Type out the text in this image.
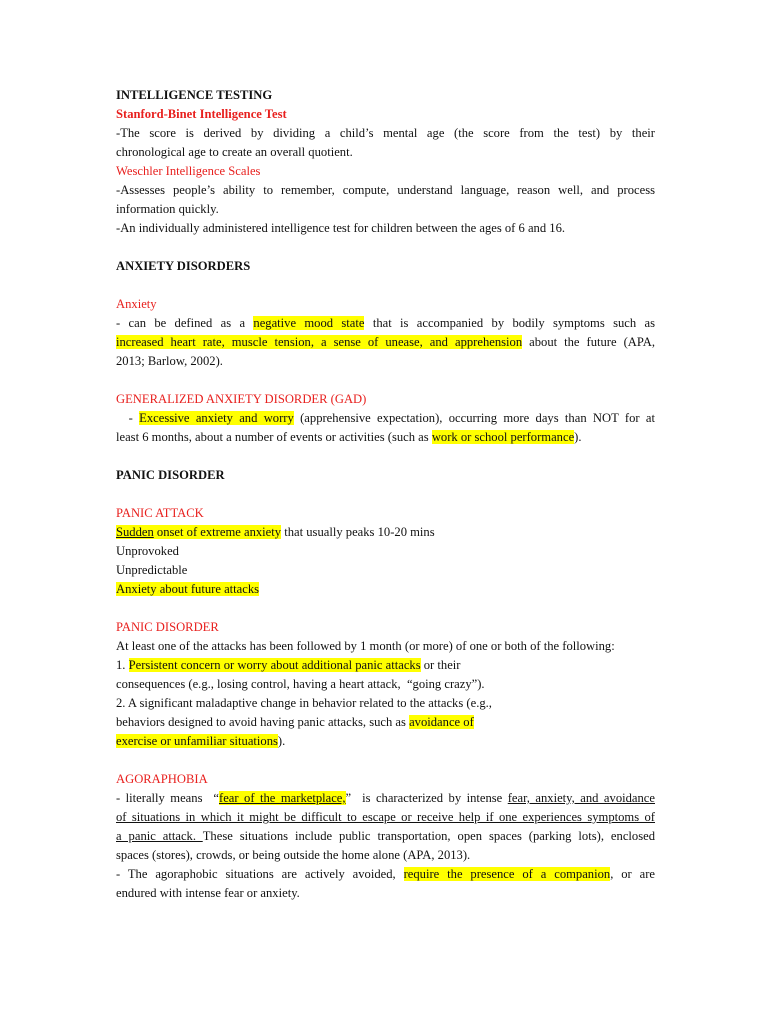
INTELLIGENCE TESTING
Stanford-Binet Intelligence Test
-The score is derived by dividing a child’s mental age (the score from the test) by their
chronological age to create an overall quotient.
Weschler Intelligence Scales
-Assesses people’s ability to remember, compute, understand language, reason well, and process
information quickly.
-An individually administered intelligence test for children between the ages of 6 and 16.
ANXIETY DISORDERS
Anxiety
- can be defined as a negative mood state that is accompanied by bodily symptoms such as
increased heart rate, muscle tension, a sense of unease, and apprehension about the future (APA,
2013; Barlow, 2002).
GENERALIZED ANXIETY DISORDER (GAD)
- Excessive anxiety and worry (apprehensive expectation), occurring more days than NOT for at
least 6 months, about a number of events or activities (such as work or school performance).
PANIC DISORDER
PANIC ATTACK
Sudden onset of extreme anxiety that usually peaks 10-20 mins
Unprovoked
Unpredictable
Anxiety about future attacks
PANIC DISORDER
At least one of the attacks has been followed by 1 month (or more) of one or both of the following:
1. Persistent concern or worry about additional panic attacks or their
consequences (e.g., losing control, having a heart attack,  “going crazy”).
2. A significant maladaptive change in behavior related to the attacks (e.g.,
behaviors designed to avoid having panic attacks, such as avoidance of
exercise or unfamiliar situations).
AGORAPHOBIA
- literally means  “fear of the marketplace,”  is characterized by intense fear, anxiety, and avoidance
of situations in which it might be difficult to escape or receive help if one experiences symptoms of
a panic attack. These situations include public transportation, open spaces (parking lots), enclosed
spaces (stores), crowds, or being outside the home alone (APA, 2013).
- The agoraphobic situations are actively avoided, require the presence of a companion, or are
endured with intense fear or anxiety.
